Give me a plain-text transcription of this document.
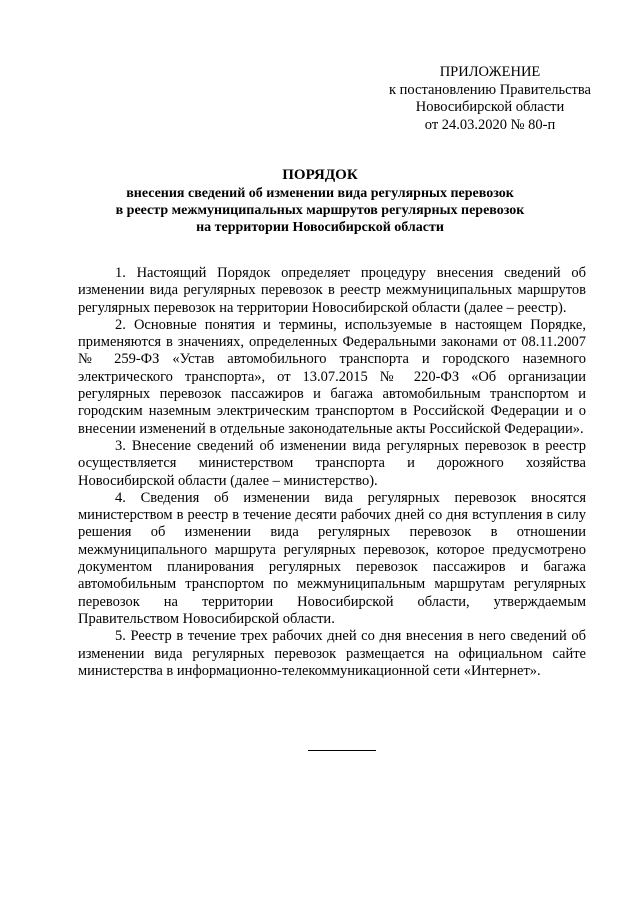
ПРИЛОЖЕНИЕ
к постановлению Правительства
Новосибирской области
от 24.03.2020 № 80-п
ПОРЯДОК
внесения сведений об изменении вида регулярных перевозок
в реестр межмуниципальных маршрутов регулярных перевозок
на территории Новосибирской области

1. Настоящий Порядок определяет процедуру внесения сведений об изменении вида регулярных перевозок в реестр межмуниципальных маршрутов регулярных перевозок на территории Новосибирской области (далее – реестр).

2. Основные понятия и термины, используемые в настоящем Порядке, применяются в значениях, определенных Федеральными законами от 08.11.2007 № 259-ФЗ «Устав автомобильного транспорта и городского наземного электрического транспорта», от 13.07.2015 № 220-ФЗ «Об организации регулярных перевозок пассажиров и багажа автомобильным транспортом и городским наземным электрическим транспортом в Российской Федерации и о внесении изменений в отдельные законодательные акты Российской Федерации».

3. Внесение сведений об изменении вида регулярных перевозок в реестр осуществляется министерством транспорта и дорожного хозяйства Новосибирской области (далее – министерство).

4. Сведения об изменении вида регулярных перевозок вносятся министерством в реестр в течение десяти рабочих дней со дня вступления в силу решения об изменении вида регулярных перевозок в отношении межмуниципального маршрута регулярных перевозок, которое предусмотрено документом планирования регулярных перевозок пассажиров и багажа автомобильным транспортом по межмуниципальным маршрутам регулярных перевозок на территории Новосибирской области, утверждаемым Правительством Новосибирской области.

5. Реестр в течение трех рабочих дней со дня внесения в него сведений об изменении вида регулярных перевозок размещается на официальном сайте министерства в информационно-телекоммуникационной сети «Интернет».
